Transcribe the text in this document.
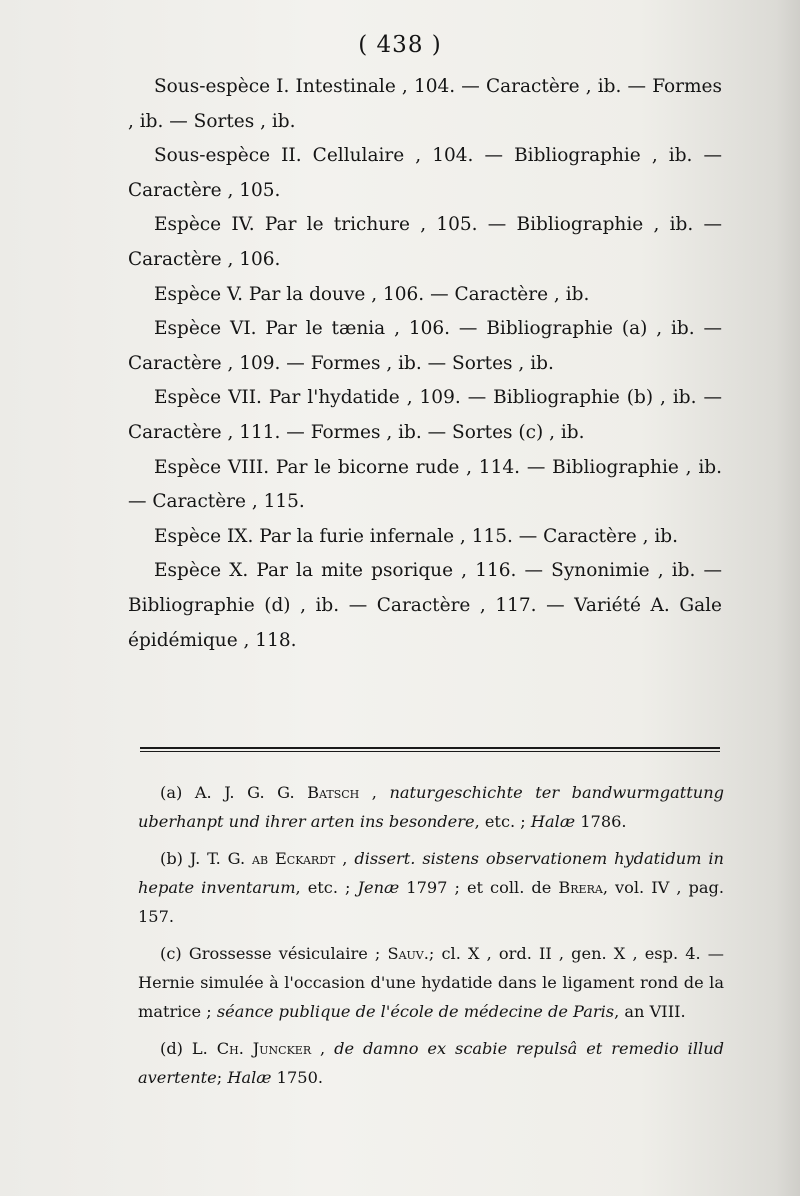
( 438 )

Sous-espèce I. Intestinale , 104. — Caractère , ib. — Formes , ib. — Sortes , ib.

Sous-espèce II. Cellulaire , 104. — Bibliographie , ib. — Caractère , 105.

Espèce IV. Par le trichure , 105. — Bibliographie , ib. — Caractère , 106.

Espèce V. Par la douve , 106. — Caractère , ib.

Espèce VI. Par le tænia , 106. — Bibliographie (a) , ib. — Caractère , 109. — Formes , ib. — Sortes , ib.

Espèce VII. Par l'hydatide , 109. — Bibliographie (b) , ib. — Caractère , 111. — Formes , ib. — Sortes (c) , ib.

Espèce VIII. Par le bicorne rude , 114. — Bibliographie , ib. — Caractère , 115.

Espèce IX. Par la furie infernale , 115. — Caractère , ib.

Espèce X. Par la mite psorique , 116. — Synonimie , ib. — Bibliographie (d) , ib. — Caractère , 117. — Variété A. Gale épidémique , 118.

(a) A. J. G. G. Batsch , naturgeschichte ter bandwurmgattung uberhanpt und ihrer arten ins besondere, etc. ; Halæ 1786.

(b) J. T. G. ab Eckardt , dissert. sistens observationem hydatidum in hepate inventarum, etc. ; Jenæ 1797 ; et coll. de Brera, vol. IV , pag. 157.

(c) Grossesse vésiculaire ; Sauv.; cl. X , ord. II , gen. X , esp. 4. — Hernie simulée à l'occasion d'une hydatide dans le ligament rond de la matrice ; séance publique de l'école de médecine de Paris, an VIII.

(d) L. Ch. Juncker , de damno ex scabie repulsâ et remedio illud avertente; Halæ 1750.
